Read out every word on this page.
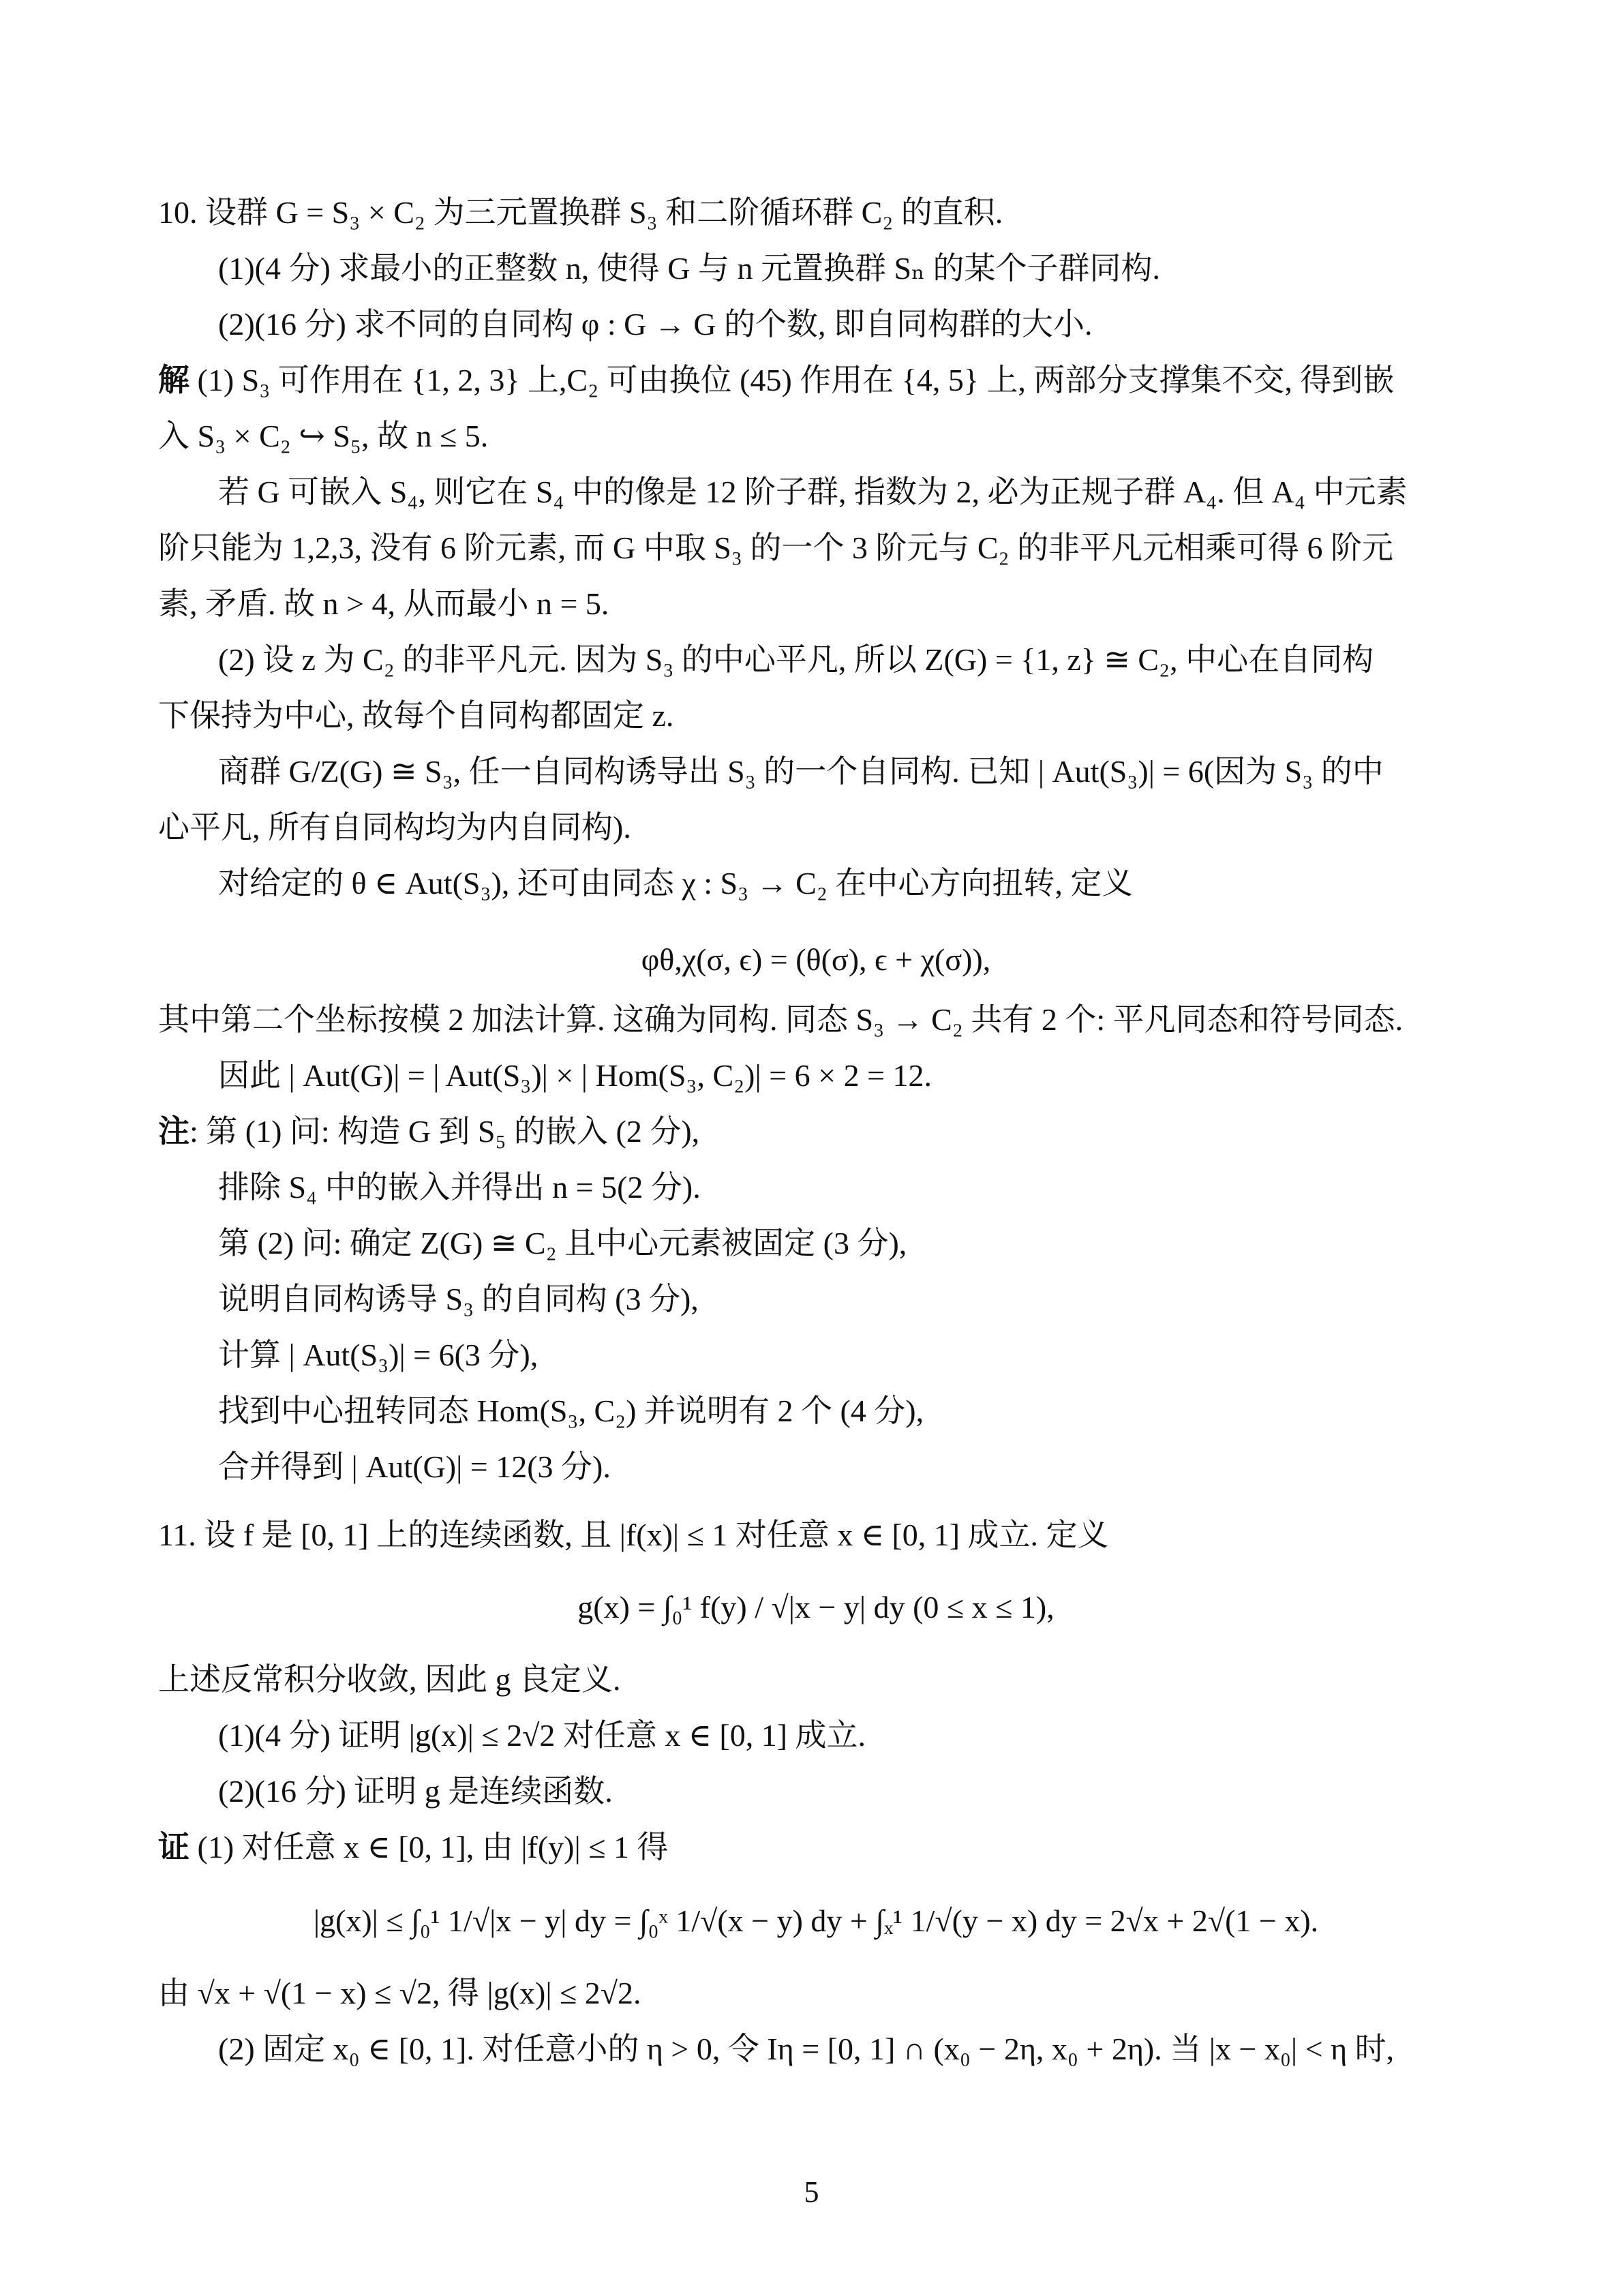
10. 设群 G = S₃ × C₂ 为三元置换群 S₃ 和二阶循环群 C₂ 的直积.
(1)(4 分) 求最小的正整数 n, 使得 G 与 n 元置换群 Sₙ 的某个子群同构.
(2)(16 分) 求不同的自同构 φ : G → G 的个数, 即自同构群的大小.
解 (1) S₃ 可作用在 {1, 2, 3} 上,C₂ 可由换位 (45) 作用在 {4, 5} 上, 两部分支撑集不交, 得到嵌
入 S₃ × C₂ ↪ S₅, 故 n ≤ 5.
若 G 可嵌入 S₄, 则它在 S₄ 中的像是 12 阶子群, 指数为 2, 必为正规子群 A₄. 但 A₄ 中元素
阶只能为 1,2,3, 没有 6 阶元素, 而 G 中取 S₃ 的一个 3 阶元与 C₂ 的非平凡元相乘可得 6 阶元
素, 矛盾. 故 n > 4, 从而最小 n = 5.
(2) 设 z 为 C₂ 的非平凡元. 因为 S₃ 的中心平凡, 所以 Z(G) = {1, z} ≅ C₂, 中心在自同构
下保持为中心, 故每个自同构都固定 z.
商群 G/Z(G) ≅ S₃, 任一自同构诱导出 S₃ 的一个自同构. 已知 | Aut(S₃)| = 6(因为 S₃ 的中
心平凡, 所有自同构均为内自同构).
对给定的 θ ∈ Aut(S₃), 还可由同态 χ : S₃ → C₂ 在中心方向扭转, 定义
φθ,χ(σ, ϵ) = (θ(σ), ϵ + χ(σ)),
其中第二个坐标按模 2 加法计算. 这确为同构. 同态 S₃ → C₂ 共有 2 个: 平凡同态和符号同态.
因此 | Aut(G)| = | Aut(S₃)| × | Hom(S₃, C₂)| = 6 × 2 = 12.
注: 第 (1) 问: 构造 G 到 S₅ 的嵌入 (2 分),
排除 S₄ 中的嵌入并得出 n = 5(2 分).
第 (2) 问: 确定 Z(G) ≅ C₂ 且中心元素被固定 (3 分),
说明自同构诱导 S₃ 的自同构 (3 分),
计算 | Aut(S₃)| = 6(3 分),
找到中心扭转同态 Hom(S₃, C₂) 并说明有 2 个 (4 分),
合并得到 | Aut(G)| = 12(3 分).
11. 设 f 是 [0, 1] 上的连续函数, 且 |f(x)| ≤ 1 对任意 x ∈ [0, 1] 成立. 定义
g(x) = ∫₀¹ f(y) / √|x − y| dy (0 ≤ x ≤ 1),
上述反常积分收敛, 因此 g 良定义.
(1)(4 分) 证明 |g(x)| ≤ 2√2 对任意 x ∈ [0, 1] 成立.
(2)(16 分) 证明 g 是连续函数.
证 (1) 对任意 x ∈ [0, 1], 由 |f(y)| ≤ 1 得
|g(x)| ≤ ∫₀¹ 1/√|x − y| dy = ∫₀ˣ 1/√(x − y) dy + ∫ₓ¹ 1/√(y − x) dy = 2√x + 2√(1 − x).
由 √x + √(1 − x) ≤ √2, 得 |g(x)| ≤ 2√2.
(2) 固定 x₀ ∈ [0, 1]. 对任意小的 η > 0, 令 Iη = [0, 1] ∩ (x₀ − 2η, x₀ + 2η). 当 |x − x₀| < η 时,
5
